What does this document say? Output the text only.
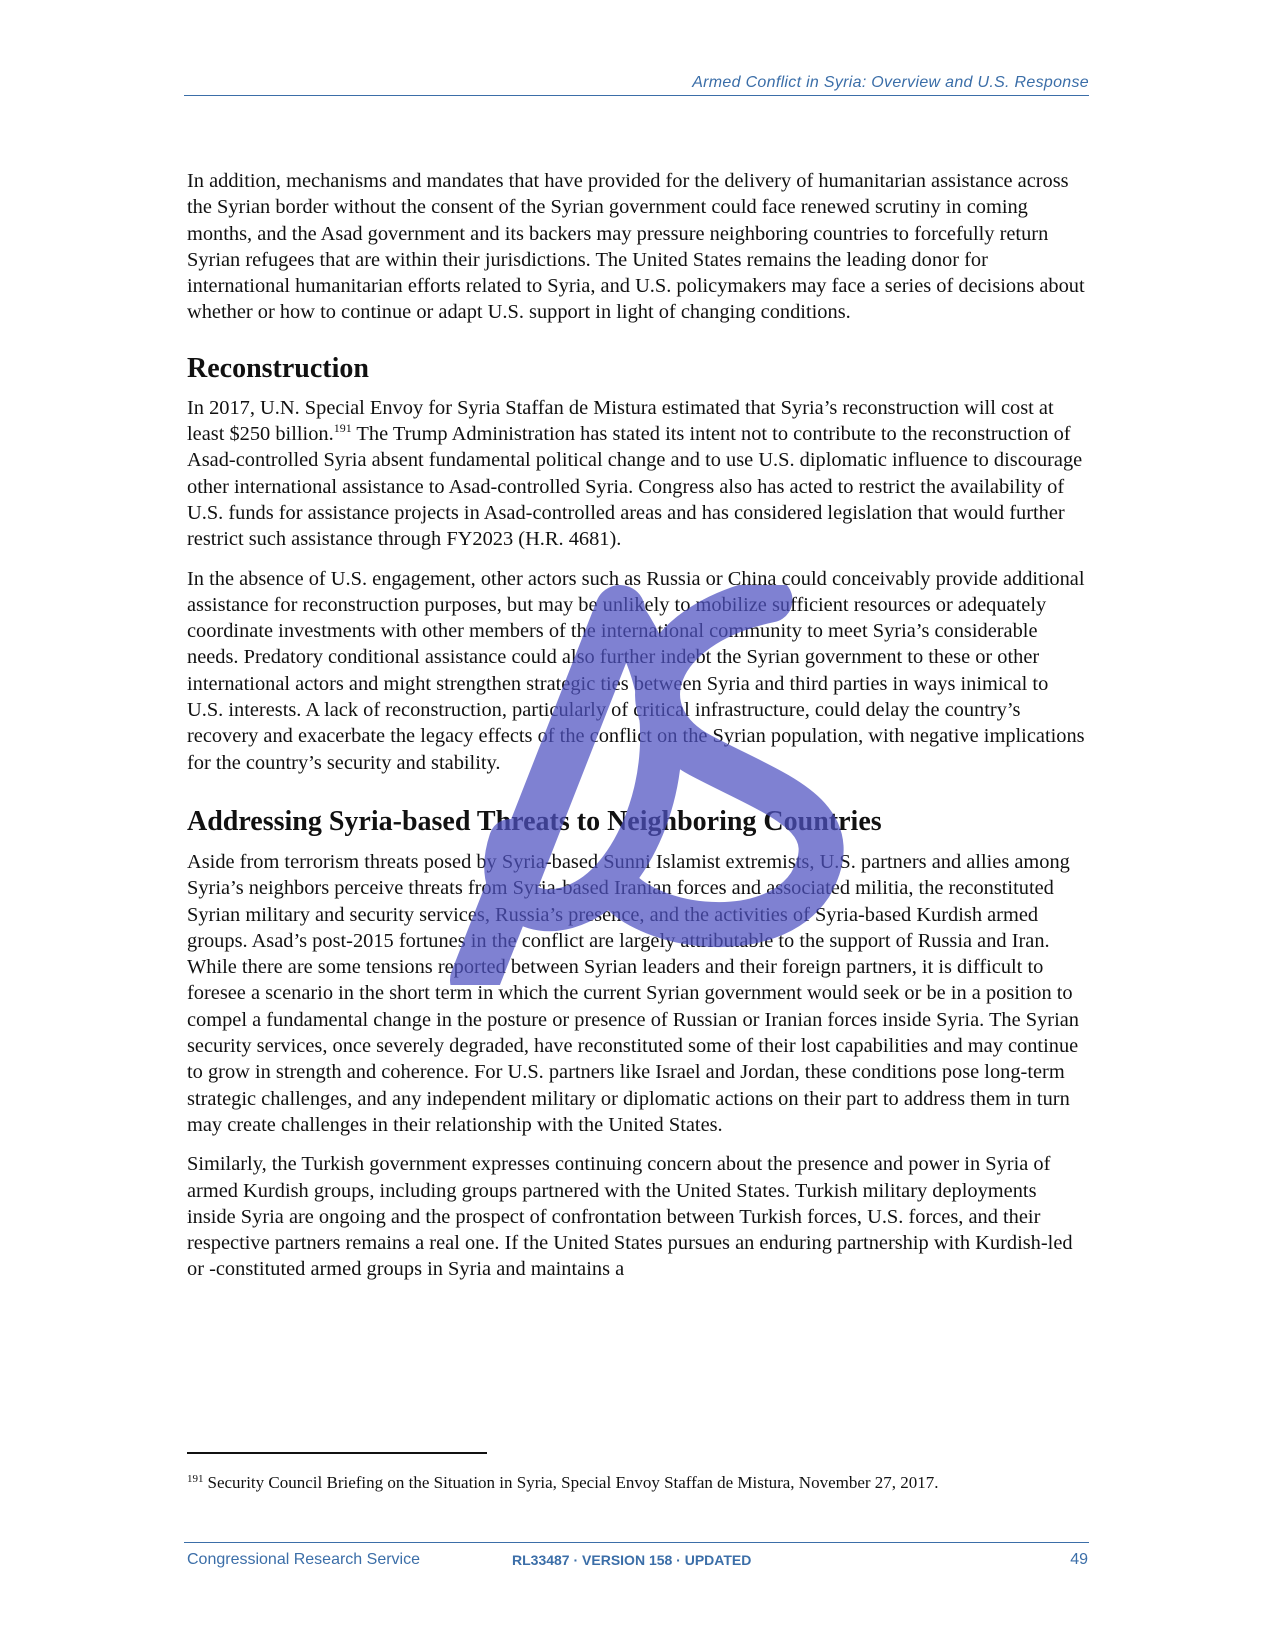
Armed Conflict in Syria: Overview and U.S. Response

In addition, mechanisms and mandates that have provided for the delivery of humanitarian assistance across the Syrian border without the consent of the Syrian government could face renewed scrutiny in coming months, and the Asad government and its backers may pressure neighboring countries to forcefully return Syrian refugees that are within their jurisdictions. The United States remains the leading donor for international humanitarian efforts related to Syria, and U.S. policymakers may face a series of decisions about whether or how to continue or adapt U.S. support in light of changing conditions.

Reconstruction

In 2017, U.N. Special Envoy for Syria Staffan de Mistura estimated that Syria’s reconstruction will cost at least $250 billion.$^{191}$ The Trump Administration has stated its intent not to contribute to the reconstruction of Asad-controlled Syria absent fundamental political change and to use U.S. diplomatic influence to discourage other international assistance to Asad-controlled Syria. Congress also has acted to restrict the availability of U.S. funds for assistance projects in Asad-controlled areas and has considered legislation that would further restrict such assistance through FY2023 (H.R. 4681).

In the absence of U.S. engagement, other actors such as Russia or China could conceivably provide additional assistance for reconstruction purposes, but may be unlikely to mobilize sufficient resources or adequately coordinate investments with other members of the international community to meet Syria’s considerable needs. Predatory conditional assistance could also further indebt the Syrian government to these or other international actors and might strengthen strategic ties between Syria and third parties in ways inimical to U.S. interests. A lack of reconstruction, particularly of critical infrastructure, could delay the country’s recovery and exacerbate the legacy effects of the conflict on the Syrian population, with negative implications for the country’s security and stability.

Addressing Syria-based Threats to Neighboring Countries

Aside from terrorism threats posed by Syria-based Sunni Islamist extremists, U.S. partners and allies among Syria’s neighbors perceive threats from Syria-based Iranian forces and associated militia, the reconstituted Syrian military and security services, Russia’s presence, and the activities of Syria-based Kurdish armed groups. Asad’s post-2015 fortunes in the conflict are largely attributable to the support of Russia and Iran. While there are some tensions reported between Syrian leaders and their foreign partners, it is difficult to foresee a scenario in the short term in which the current Syrian government would seek or be in a position to compel a fundamental change in the posture or presence of Russian or Iranian forces inside Syria. The Syrian security services, once severely degraded, have reconstituted some of their lost capabilities and may continue to grow in strength and coherence. For U.S. partners like Israel and Jordan, these conditions pose long-term strategic challenges, and any independent military or diplomatic actions on their part to address them in turn may create challenges in their relationship with the United States.

Similarly, the Turkish government expresses continuing concern about the presence and power in Syria of armed Kurdish groups, including groups partnered with the United States. Turkish military deployments inside Syria are ongoing and the prospect of confrontation between Turkish forces, U.S. forces, and their respective partners remains a real one. If the United States pursues an enduring partnership with Kurdish-led or -constituted armed groups in Syria and maintains a

$^{191}$ Security Council Briefing on the Situation in Syria, Special Envoy Staffan de Mistura, November 27, 2017.
Congressional Research Service	RL33487 · VERSION 158 · UPDATED	49
